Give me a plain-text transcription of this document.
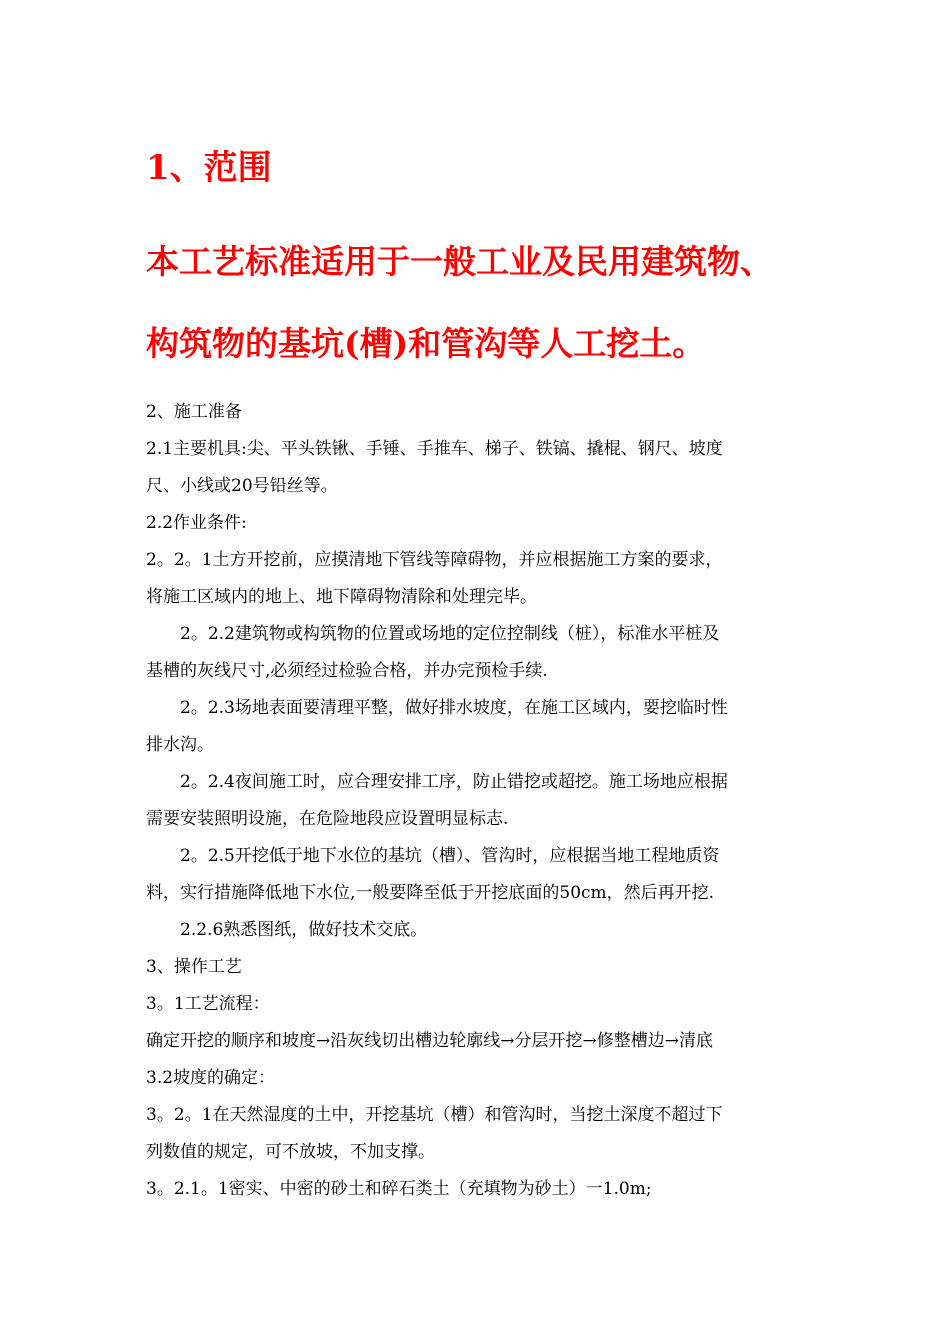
1、范围

本工艺标准适用于一般工业及民用建筑物、

构筑物的基坑(槽)和管沟等人工挖土。

2、施工准备
2.1主要机具:尖、平头铁锹、手锤、手推车、梯子、铁镐、撬棍、钢尺、坡度
尺、小线或20号铅丝等。
2.2作业条件:
2。2。1土方开挖前，应摸清地下管线等障碍物，并应根据施工方案的要求，
将施工区域内的地上、地下障碍物清除和处理完毕。
2。2.2建筑物或构筑物的位置或场地的定位控制线（桩），标准水平桩及
基槽的灰线尺寸,必须经过检验合格，并办完预检手续.
2。2.3场地表面要清理平整，做好排水坡度，在施工区域内，要挖临时性
排水沟。
2。2.4夜间施工时，应合理安排工序，防止错挖或超挖。施工场地应根据
需要安装照明设施，在危险地段应设置明显标志.
2。2.5开挖低于地下水位的基坑（槽）、管沟时，应根据当地工程地质资
料，实行措施降低地下水位,一般要降至低于开挖底面的50cm，然后再开挖.
2.2.6熟悉图纸，做好技术交底。
3、操作工艺
3。1工艺流程：
确定开挖的顺序和坡度→沿灰线切出槽边轮廓线→分层开挖→修整槽边→清底
3.2坡度的确定：
3。2。1在天然湿度的土中，开挖基坑（槽）和管沟时，当挖土深度不超过下
列数值的规定，可不放坡，不加支撑。
3。2.1。1密实、中密的砂土和碎石类土（充填物为砂土）一1.0m;
